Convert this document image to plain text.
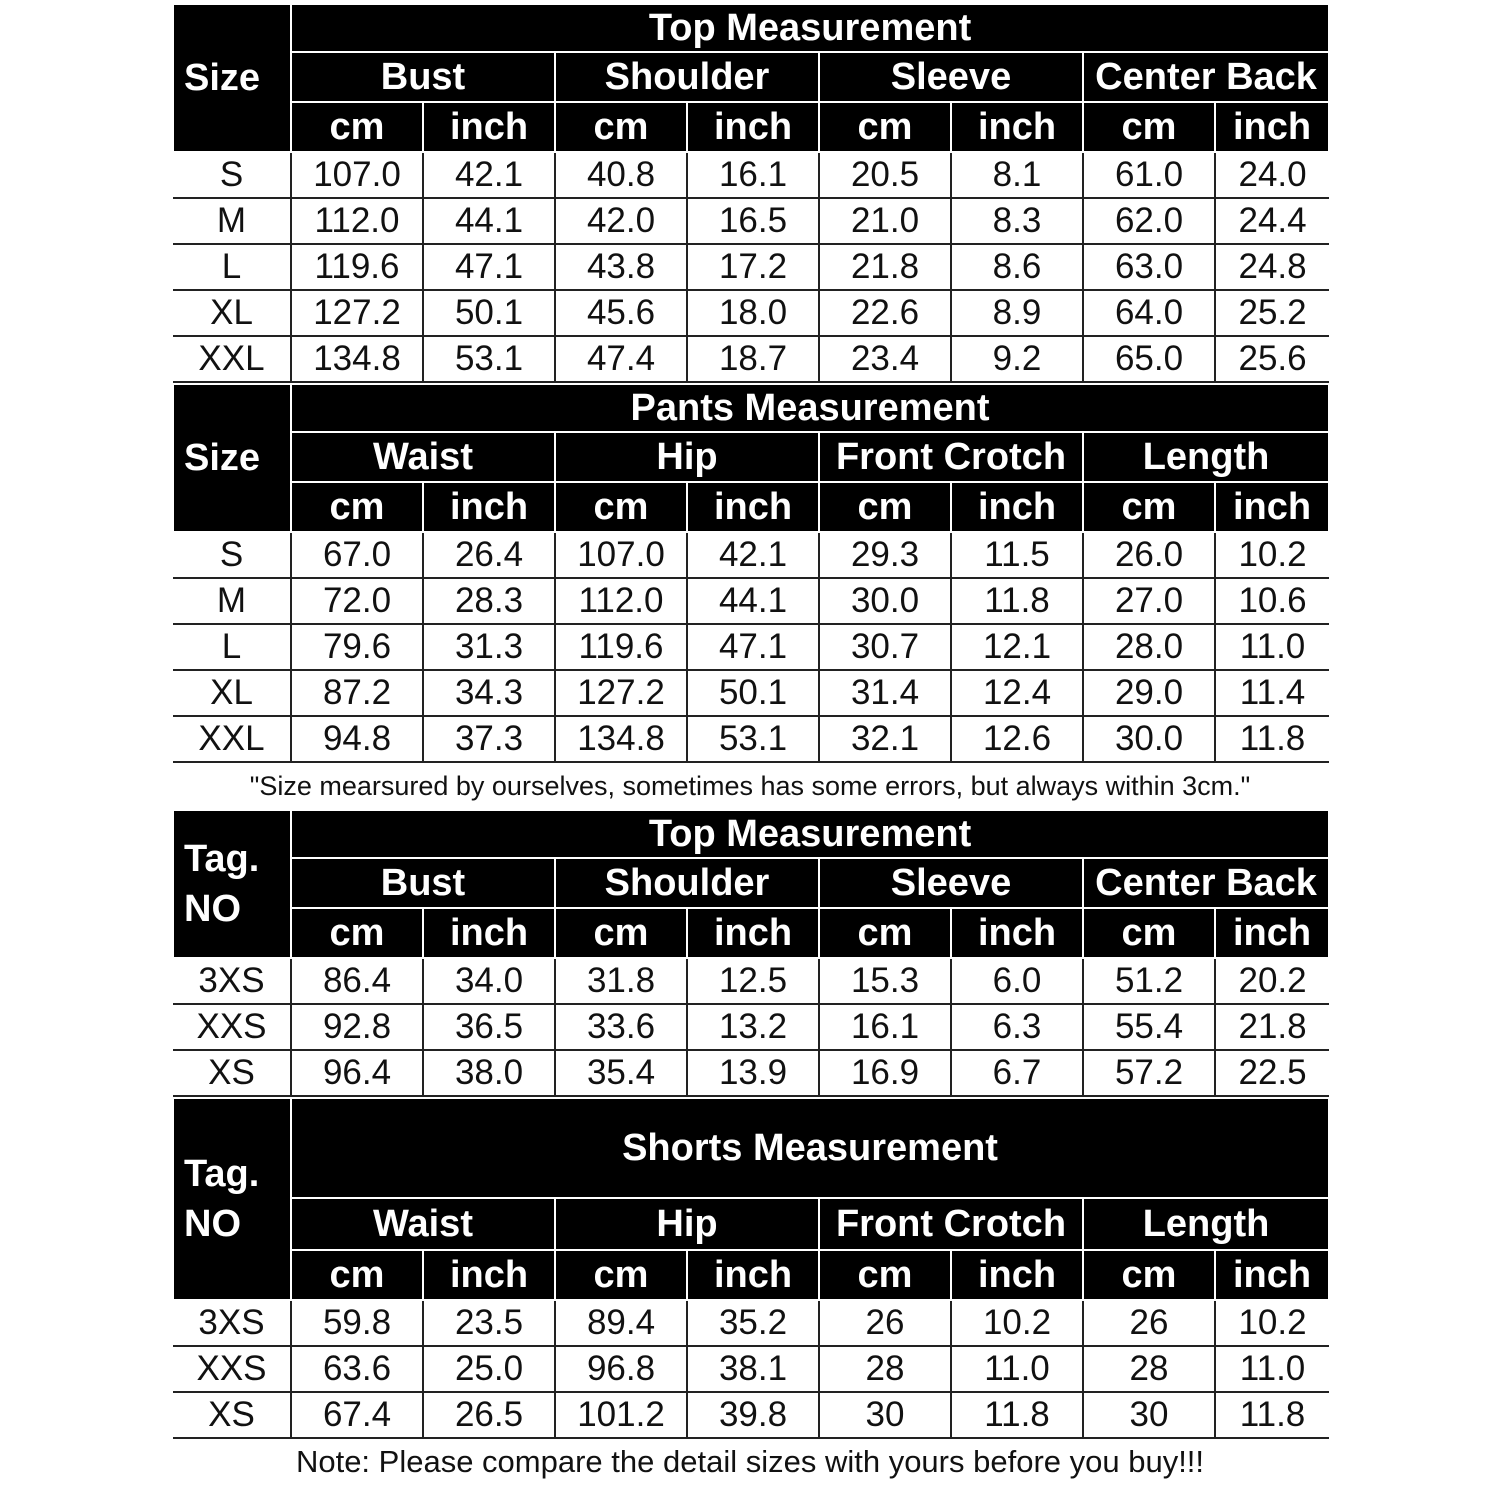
Size	Top Measurement							
	Bust		Shoulder		Sleeve		Center Back	
	cm	inch	cm	inch	cm	inch	cm	inch
S	107.0	42.1	40.8	16.1	20.5	8.1	61.0	24.0
M	112.0	44.1	42.0	16.5	21.0	8.3	62.0	24.4
L	119.6	47.1	43.8	17.2	21.8	8.6	63.0	24.8
XL	127.2	50.1	45.6	18.0	22.6	8.9	64.0	25.2
XXL	134.8	53.1	47.4	18.7	23.4	9.2	65.0	25.6
Size	Pants Measurement							
	Waist		Hip		Front Crotch		Length	
	cm	inch	cm	inch	cm	inch	cm	inch
S	67.0	26.4	107.0	42.1	29.3	11.5	26.0	10.2
M	72.0	28.3	112.0	44.1	30.0	11.8	27.0	10.6
L	79.6	31.3	119.6	47.1	30.7	12.1	28.0	11.0
XL	87.2	34.3	127.2	50.1	31.4	12.4	29.0	11.4
XXL	94.8	37.3	134.8	53.1	32.1	12.6	30.0	11.8
"Size mearsured by ourselves, sometimes has some errors, but always within 3cm."
Tag. NO	Top Measurement							
	Bust		Shoulder		Sleeve		Center Back	
	cm	inch	cm	inch	cm	inch	cm	inch
3XS	86.4	34.0	31.8	12.5	15.3	6.0	51.2	20.2
XXS	92.8	36.5	33.6	13.2	16.1	6.3	55.4	21.8
XS	96.4	38.0	35.4	13.9	16.9	6.7	57.2	22.5
Tag. NO	Shorts Measurement							
	Waist		Hip		Front Crotch		Length	
	cm	inch	cm	inch	cm	inch	cm	inch
3XS	59.8	23.5	89.4	35.2	26	10.2	26	10.2
XXS	63.6	25.0	96.8	38.1	28	11.0	28	11.0
XS	67.4	26.5	101.2	39.8	30	11.8	30	11.8
Note: Please compare the detail sizes with yours before you buy!!!
